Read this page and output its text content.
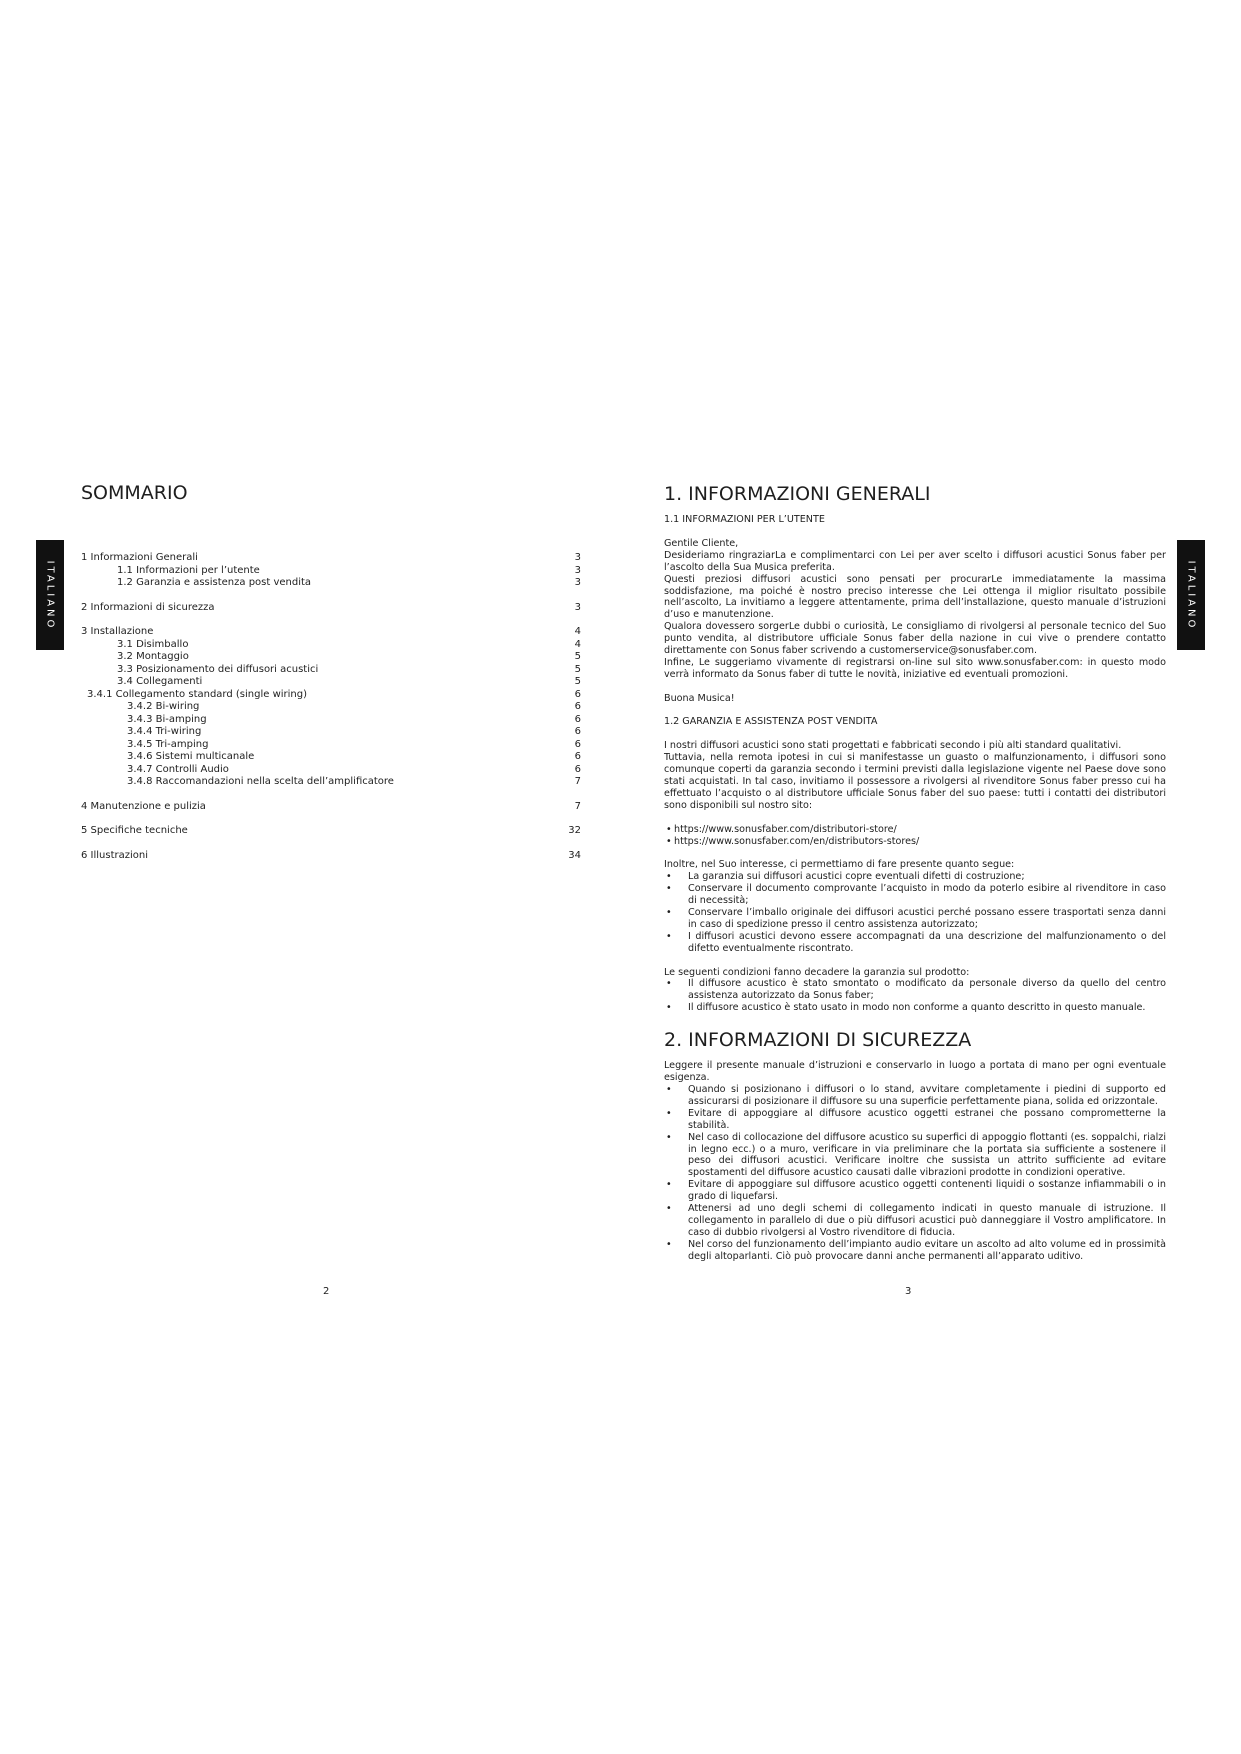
ITALIANO
SOMMARIO
1 Informazioni Generali	3
1.1 Informazioni per l’utente	3
1.2 Garanzia e assistenza post vendita	3
2 Informazioni di sicurezza	3
3 Installazione	4
3.1 Disimballo	4
3.2 Montaggio	5
3.3 Posizionamento dei diffusori acustici	5
3.4 Collegamenti	5
3.4.1 Collegamento standard (single wiring)	6
3.4.2 Bi-wiring	6
3.4.3 Bi-amping	6
3.4.4 Tri-wiring	6
3.4.5 Tri-amping	6
3.4.6 Sistemi multicanale	6
3.4.7 Controlli Audio	6
3.4.8 Raccomandazioni nella scelta dell’amplificatore	7
4 Manutenzione e pulizia	7
5 Specifiche tecniche	32
6 Illustrazioni	34
2
ITALIANO
1. INFORMAZIONI GENERALI
1.1 INFORMAZIONI PER L’UTENTE

Gentile Cliente,

Desideriamo ringraziarLa e complimentarci con Lei per aver scelto i diffusori acustici Sonus faber per l’ascolto della Sua Musica preferita.

Questi preziosi diffusori acustici sono pensati per procurarLe immediatamente la massima soddisfazione, ma poiché è nostro preciso interesse che Lei ottenga il miglior risultato possibile nell’ascolto, La invitiamo a leggere attentamente, prima dell’installazione, questo manuale d’istruzioni d’uso e manutenzione.

Qualora dovessero sorgerLe dubbi o curiosità, Le consigliamo di rivolgersi al personale tecnico del Suo punto vendita, al distributore ufficiale Sonus faber della nazione in cui vive o prendere contatto direttamente con Sonus faber scrivendo a customerservice@sonusfaber.com.

Infine, Le suggeriamo vivamente di registrarsi on-line sul sito www.sonusfaber.com: in questo modo verrà informato da Sonus faber di tutte le novità, iniziative ed eventuali promozioni.

Buona Musica!

1.2 GARANZIA E ASSISTENZA POST VENDITA

I nostri diffusori acustici sono stati progettati e fabbricati secondo i più alti standard qualitativi.

Tuttavia, nella remota ipotesi in cui si manifestasse un guasto o malfunzionamento, i diffusori sono comunque coperti da garanzia secondo i termini previsti dalla legislazione vigente nel Paese dove sono stati acquistati. In tal caso, invitiamo il possessore a rivolgersi al rivenditore Sonus faber presso cui ha effettuato l’acquisto o al distributore ufficiale Sonus faber del suo paese: tutti i contatti dei distributori sono disponibili sul nostro sito:

• https://www.sonusfaber.com/distributori-store/
• https://www.sonusfaber.com/en/distributors-stores/

Inoltre, nel Suo interesse, ci permettiamo di fare presente quanto segue:

• La garanzia sui diffusori acustici copre eventuali difetti di costruzione;
• Conservare il documento comprovante l’acquisto in modo da poterlo esibire al rivenditore in caso di necessità;
• Conservare l’imballo originale dei diffusori acustici perché possano essere trasportati senza danni in caso di spedizione presso il centro assistenza autorizzato;
• I diffusori acustici devono essere accompagnati da una descrizione del malfunzionamento o del difetto eventualmente riscontrato.

Le seguenti condizioni fanno decadere la garanzia sul prodotto:

• Il diffusore acustico è stato smontato o modificato da personale diverso da quello del centro assistenza autorizzato da Sonus faber;
• Il diffusore acustico è stato usato in modo non conforme a quanto descritto in questo manuale.
2. INFORMAZIONI DI SICUREZZA

Leggere il presente manuale d’istruzioni e conservarlo in luogo a portata di mano per ogni eventuale esigenza.

• Quando si posizionano i diffusori o lo stand, avvitare completamente i piedini di supporto ed assicurarsi di posizionare il diffusore su una superficie perfettamente piana, solida ed orizzontale.
• Evitare di appoggiare al diffusore acustico oggetti estranei che possano comprometterne la stabilità.
• Nel caso di collocazione del diffusore acustico su superfici di appoggio flottanti (es. soppalchi, rialzi in legno ecc.) o a muro, verificare in via preliminare che la portata sia sufficiente a sostenere il peso dei diffusori acustici. Verificare inoltre che sussista un attrito sufficiente ad evitare spostamenti del diffusore acustico causati dalle vibrazioni prodotte in condizioni operative.
• Evitare di appoggiare sul diffusore acustico oggetti contenenti liquidi o sostanze infiammabili o in grado di liquefarsi.
• Attenersi ad uno degli schemi di collegamento indicati in questo manuale di istruzione. Il collegamento in parallelo di due o più diffusori acustici può danneggiare il Vostro amplificatore. In caso di dubbio rivolgersi al Vostro rivenditore di fiducia.
• Nel corso del funzionamento dell’impianto audio evitare un ascolto ad alto volume ed in prossimità degli altoparlanti. Ciò può provocare danni anche permanenti all’apparato uditivo.
3
